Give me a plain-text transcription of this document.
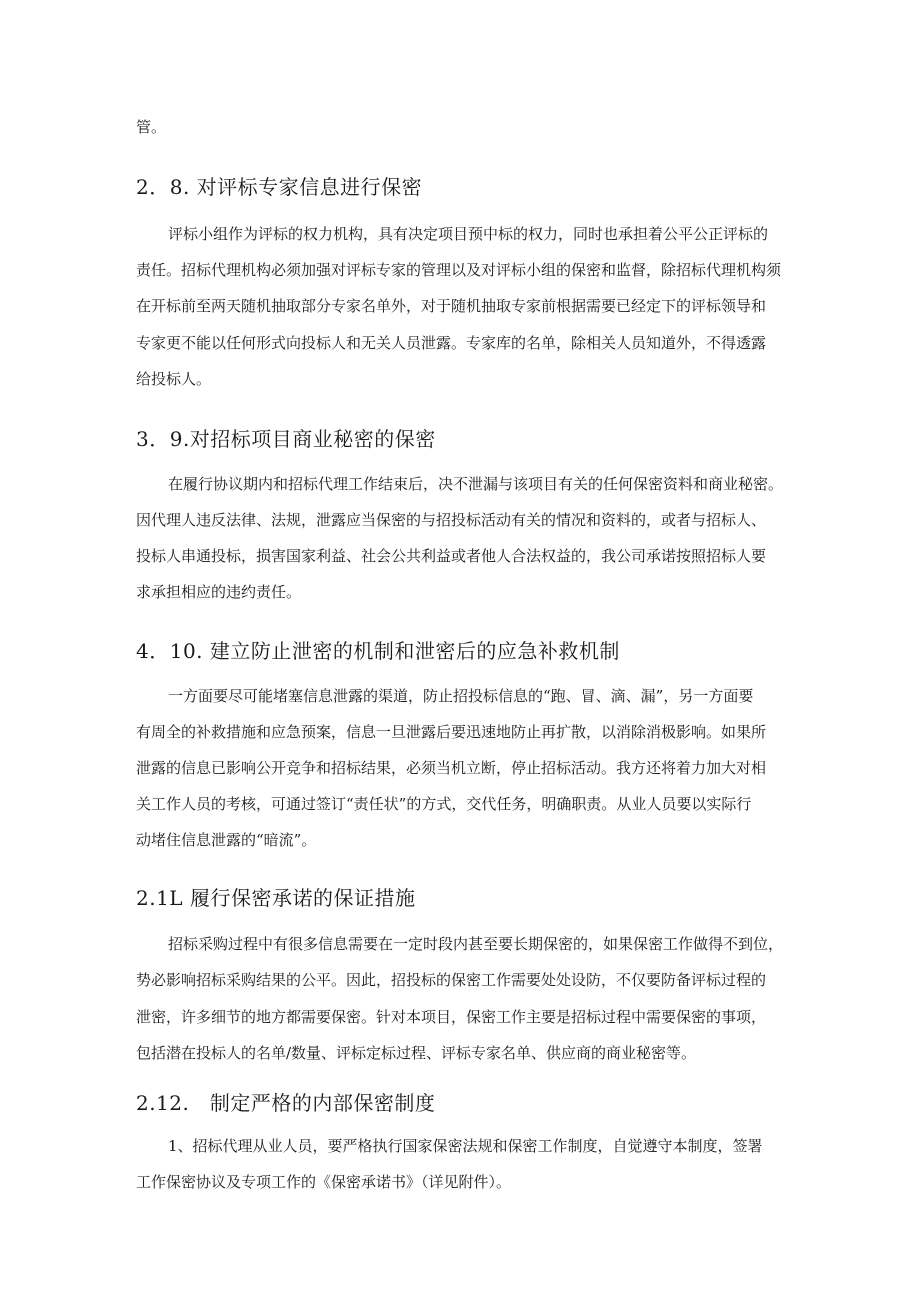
管。
2．8. 对评标专家信息进行保密
评标小组作为评标的权力机构，具有决定项目预中标的权力，同时也承担着公平公正评标的
责任。招标代理机构必须加强对评标专家的管理以及对评标小组的保密和监督，除招标代理机构须
在开标前至两天随机抽取部分专家名单外，对于随机抽取专家前根据需要已经定下的评标领导和
专家更不能以任何形式向投标人和无关人员泄露。专家库的名单，除相关人员知道外，不得透露
给投标人。
3．9.对招标项目商业秘密的保密
在履行协议期内和招标代理工作结束后，决不泄漏与该项目有关的任何保密资料和商业秘密。
因代理人违反法律、法规，泄露应当保密的与招投标活动有关的情况和资料的，或者与招标人、
投标人串通投标，损害国家利益、社会公共利益或者他人合法权益的，我公司承诺按照招标人要
求承担相应的违约责任。
4．10. 建立防止泄密的机制和泄密后的应急补救机制
一方面要尽可能堵塞信息泄露的渠道，防止招投标信息的“跑、冒、滴、漏”，另一方面要
有周全的补救措施和应急预案，信息一旦泄露后要迅速地防止再扩散，以消除消极影响。如果所
泄露的信息已影响公开竞争和招标结果，必须当机立断，停止招标活动。我方还将着力加大对相
关工作人员的考核，可通过签订“责任状”的方式，交代任务，明确职责。从业人员要以实际行
动堵住信息泄露的“暗流”。
2.1L 履行保密承诺的保证措施
招标采购过程中有很多信息需要在一定时段内甚至要长期保密的，如果保密工作做得不到位，
势必影响招标采购结果的公平。因此，招投标的保密工作需要处处设防，不仅要防备评标过程的
泄密，许多细节的地方都需要保密。针对本项目，保密工作主要是招标过程中需要保密的事项，
包括潜在投标人的名单/数量、评标定标过程、评标专家名单、供应商的商业秘密等。
2.12.　制定严格的内部保密制度
1、招标代理从业人员，要严格执行国家保密法规和保密工作制度，自觉遵守本制度，签署
工作保密协议及专项工作的《保密承诺书》（详见附件）。
